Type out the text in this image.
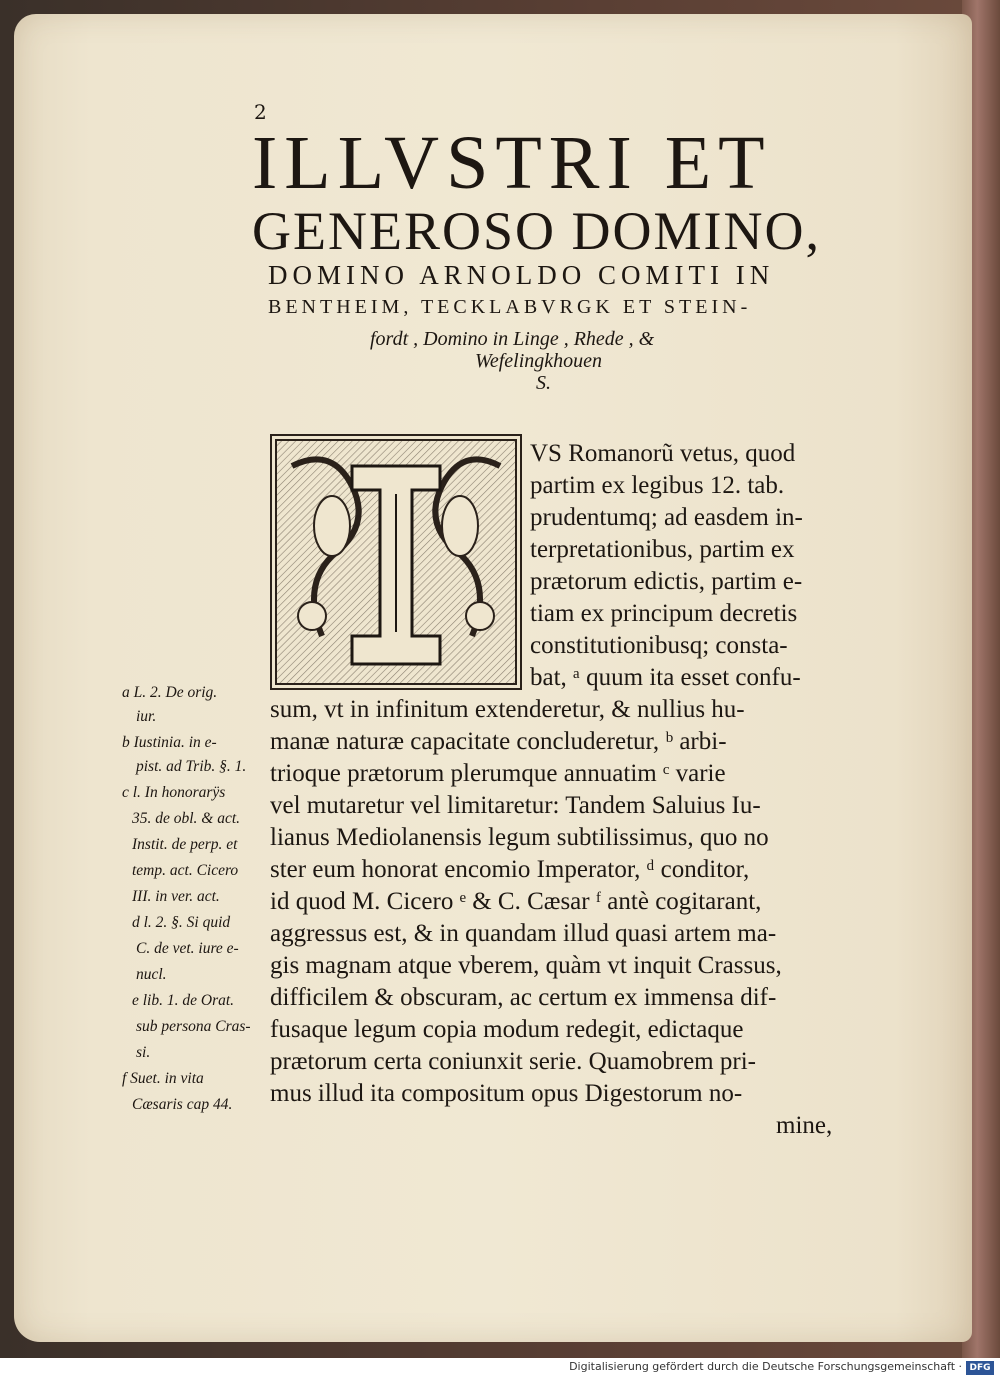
2
ILLVSTRI ET
GENEROSO DOMINO,
DOMINO ARNOLDO COMITI IN
BENTHEIM, TECKLABVRGK ET STEIN-
fordt , Domino in Linge , Rhede , &
Wefelingkhouen
S.
VS Romanorũ vetus, quod
partim ex legibus 12. tab.
prudentumq; ad easdem in-
terpretationibus, partim ex
prætorum edictis, partim e-
tiam ex principum decretis
constitutionibusq; consta-
bat, ᵃ quum ita esset confu-
sum, vt in infinitum extenderetur, & nullius hu-
manæ naturæ capacitate concluderetur, ᵇ arbi-
trioque prætorum plerumque annuatim ᶜ varie
vel mutaretur vel limitaretur: Tandem Saluius Iu-
lianus Mediolanensis legum subtilissimus, quo no
ster eum honorat encomio Imperator, ᵈ conditor,
id quod M. Cicero ᵉ & C. Cæsar ᶠ antè cogitarant,
aggressus est, & in quandam illud quasi artem ma-
gis magnam atque vberem, quàm vt inquit Crassus,
difficilem & obscuram, ac certum ex immensa dif-
fusaque legum copia modum redegit, edictaque
prætorum certa coniunxit serie. Quamobrem pri-
mus illud ita compositum opus Digestorum no-
mine,
a L. 2. De orig.
iur.
b Iustinia. in e-
pist. ad Trib. §. 1.
c l. In honorarÿs
35. de obl. & act.
Instit. de perp. et
temp. act. Cicero
III. in ver. act.
d l. 2. §. Si quid
C. de vet. iure e-
nucl.
e lib. 1. de Orat.
sub persona Cras-
si.
f Suet. in vita
Cæsaris cap 44.
Digitalisierung gefördert durch die Deutsche Forschungsgemeinschaft · DFG
